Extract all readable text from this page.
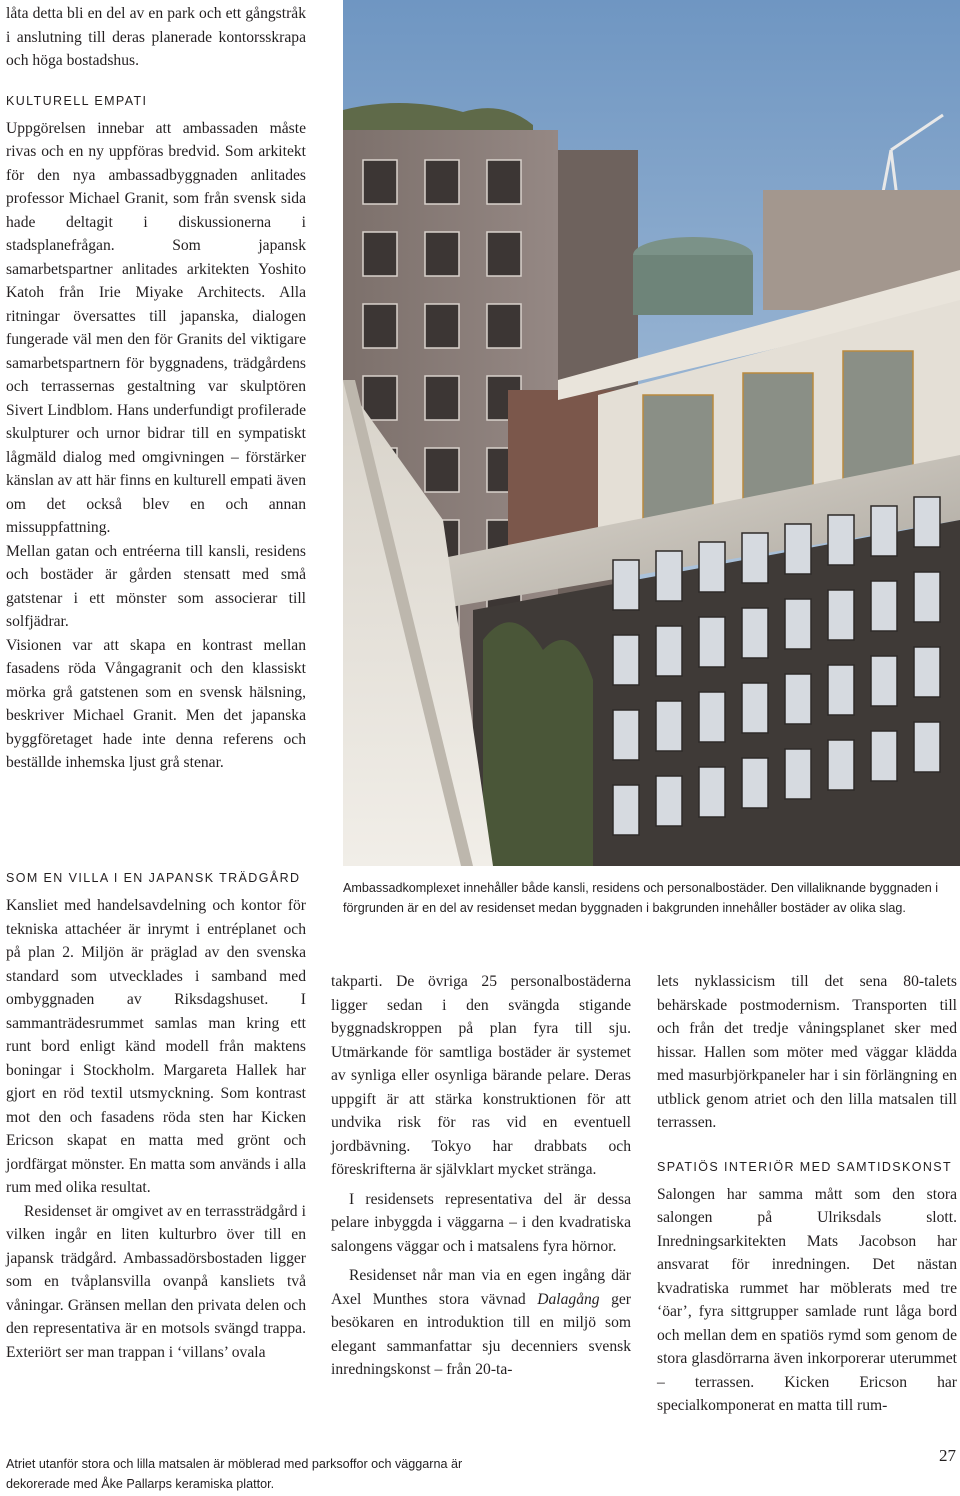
låta detta bli en del av en park och ett gångstråk i anslutning till deras planerade kontorsskrapa och höga bostadshus.

KULTURELL EMPATI

Uppgörelsen innebar att ambassaden måste rivas och en ny uppföras bredvid. Som arkitekt för den nya ambassadbyggnaden anlitades professor Michael Granit, som från svensk sida hade deltagit i diskussionerna i stadsplanefrågan. Som japansk samarbetspartner anlitades arkitekten Yoshito Katoh från Irie Miyake Architects. Alla ritningar översattes till japanska, dialogen fungerade väl men den för Granits del viktigare samarbetspartnern för byggnadens, trädgårdens och terrassernas gestaltning var skulptören Sivert Lindblom. Hans underfundigt profilerade skulpturer och urnor bidrar till en sympatiskt lågmäld dialog med omgivningen – förstärker känslan av att här finns en kulturell empati även om det också blev en och annan missuppfattning.

Mellan gatan och entréerna till kansli, residens och bostäder är gården stensatt med små gatstenar i ett mönster som associerar till solfjädrar.

Visionen var att skapa en kontrast mellan fasadens röda Vångagranit och den klassiskt mörka grå gatstenen som en svensk hälsning, beskriver Michael Granit. Men det japanska byggföretaget hade inte denna referens och beställde inhemska ljust grå stenar.

SOM EN VILLA I EN JAPANSK TRÄDGÅRD

Kansliet med handelsavdelning och kontor för tekniska attachéer är inrymt i entréplanet och på plan 2. Miljön är präglad av den svenska standard som utvecklades i samband med ombyggnaden av Riksdagshuset. I sammanträdesrummet samlas man kring ett runt bord enligt känd modell från maktens boningar i Stockholm. Margareta Hallek har gjort en röd textil utsmyckning. Som kontrast mot den och fasadens röda sten har Kicken Ericson skapat en matta med grönt och jordfärgat mönster. En matta som används i alla rum med olika resultat.

Residenset är omgivet av en terrassträdgård i vilken ingår en liten kulturbro över till en japansk trädgård. Ambassadörsbostaden ligger som en tvåplansvilla ovanpå kansliets två våningar. Gränsen mellan den privata delen och den representativa är en motsols svängd trappa. Exteriört ser man trappan i ‘villans’ ovala

Ambassadkomplexet innehåller både kansli, residens och personalbostäder. Den villaliknande byggnaden i förgrunden är en del av residenset medan byggnaden i bakgrunden innehåller bostäder av olika slag.

takparti. De övriga 25 personalbostäderna ligger sedan i den svängda stigande byggnadskroppen på plan fyra till sju. Utmärkande för samtliga bostäder är systemet av synliga eller osynliga bärande pelare. Deras uppgift är att stärka konstruktionen för att undvika risk för ras vid en eventuell jordbävning. Tokyo har drabbats och föreskrifterna är självklart mycket stränga.

I residensets representativa del är dessa pelare inbyggda i väggarna – i den kvadratiska salongens väggar och i matsalens fyra hörnor.

Residenset når man via en egen ingång där Axel Munthes stora vävnad Dalagång ger besökaren en introduktion till en miljö som elegant sammanfattar sju decenniers svensk inredningskonst – från 20-ta-

lets nyklassicism till det sena 80-talets behärskade postmodernism. Transporten till och från det tredje våningsplanet sker med hissar. Hallen som möter med väggar klädda med masurbjörkpaneler har i sin förlängning en utblick genom atriet och den lilla matsalen till terrassen.

SPATIÖS INTERIÖR MED SAMTIDSKONST

Salongen har samma mått som den stora salongen på Ulriksdals slott. Inredningsarkitekten Mats Jacobson har ansvarat för inredningen. Det nästan kvadratiska rummet har möblerats med tre ‘öar’, fyra sittgrupper samlade runt låga bord och mellan dem en spatiös rymd som genom de stora glasdörrarna även inkorporerar uterummet – terrassen. Kicken Ericson har specialkomponerat en matta till rum-

Atriet utanför stora och lilla matsalen är möblerad med parksoffor och väggarna är dekorerade med Åke Pallarps keramiska plattor.
27
